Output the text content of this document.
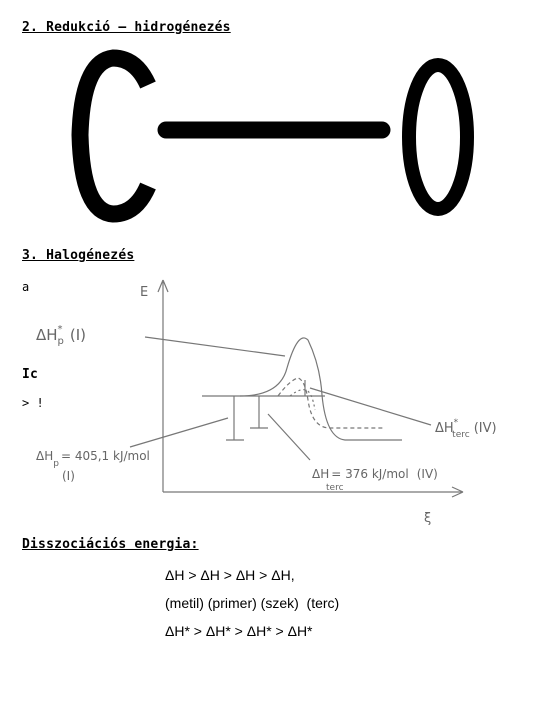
2. Redukció – hidrogénezés
3. Halogénezés
a
Ic
> !
E
ξ
ΔH* p (I)
$\Delta H_p= 405,1$ kJ/mol
(I)
ΔH* terc (IV)
ΔH = 376 kJ/mol (IV)
terc
Disszociációs energia:
ΔH > ΔH > ΔH > ΔH,
(metil) (primer) (szek)  (terc)
ΔH* > ΔH* > ΔH* > ΔH*
